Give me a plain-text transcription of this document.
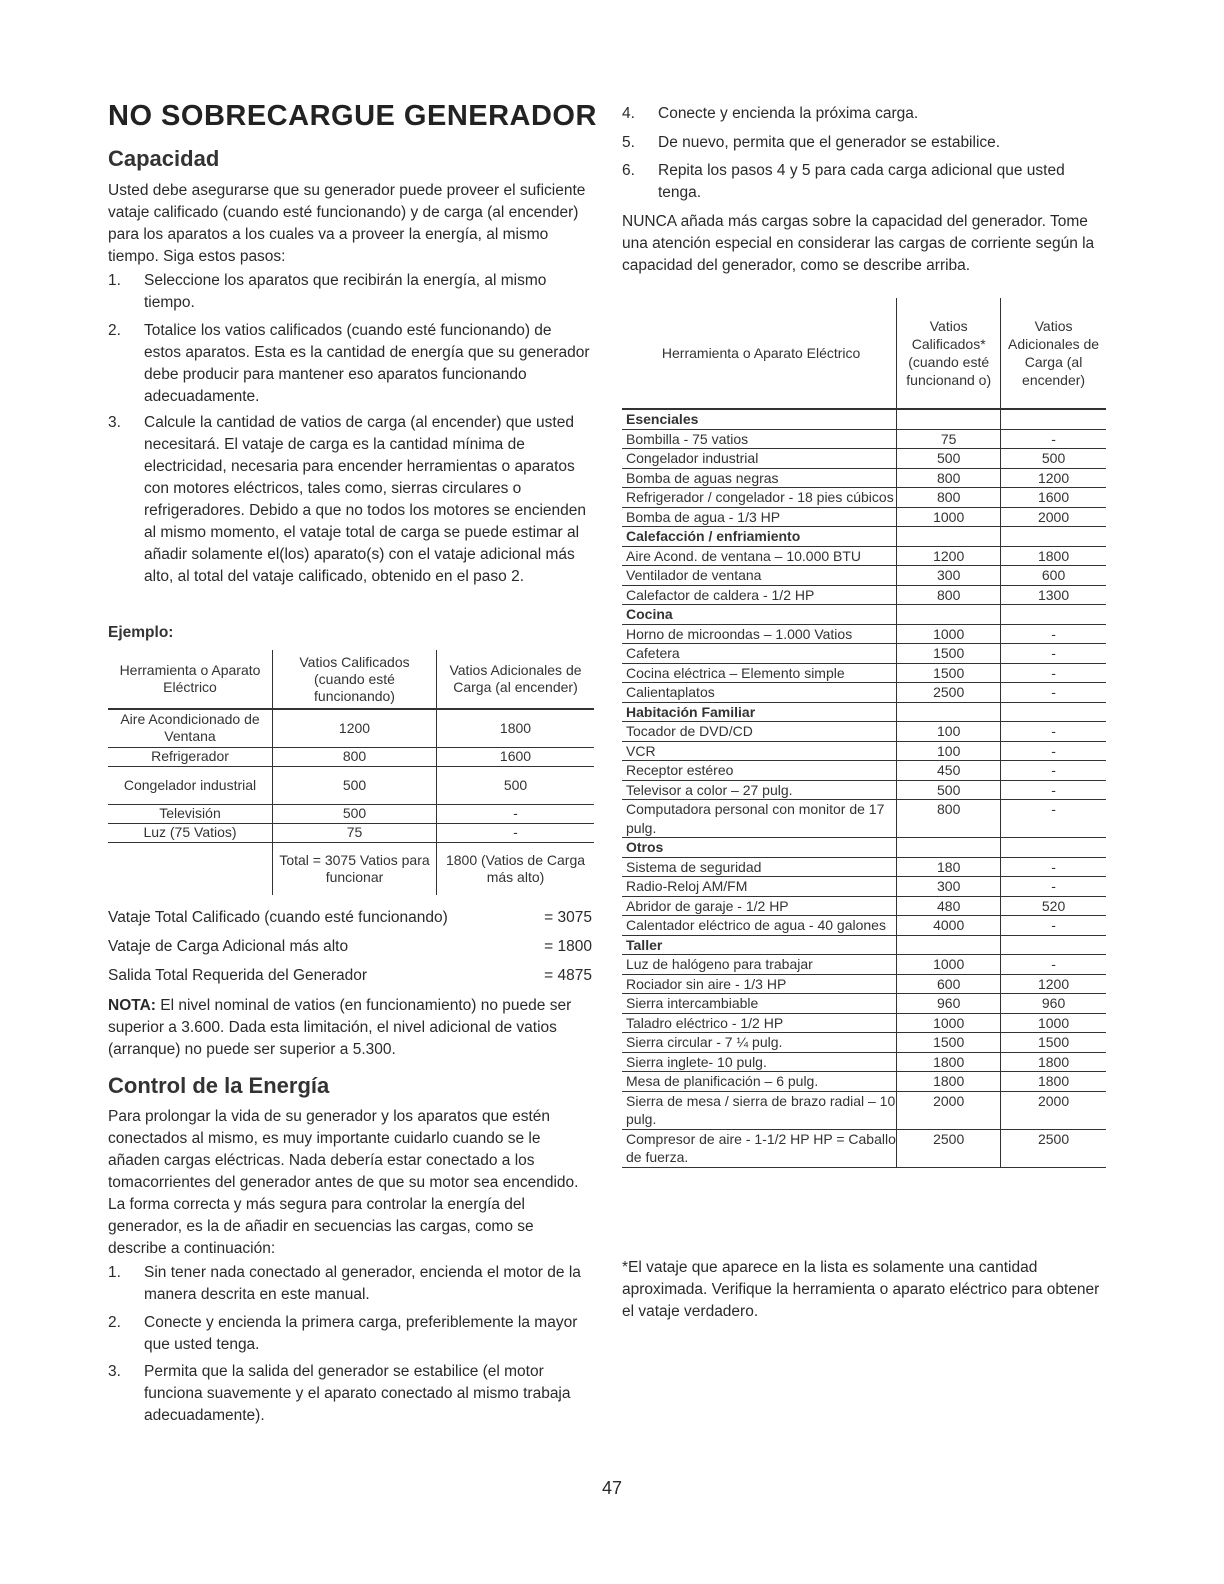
NO SOBRECARGUE GENERADOR
Capacidad

Usted debe asegurarse que su generador puede proveer el suficiente vataje calificado (cuando esté funcionando) y de carga (al encender) para los aparatos a los cuales va a proveer la energía, al mismo tiempo. Siga estos pasos:

1. Seleccione los aparatos que recibirán la energía, al mismo tiempo.
2. Totalice los vatios calificados (cuando esté funcionando) de estos aparatos. Esta es la cantidad de energía que su generador debe producir para mantener eso aparatos funcionando adecuadamente.
3. Calcule la cantidad de vatios de carga (al encender) que usted necesitará. El vataje de carga es la cantidad mínima de electricidad, necesaria para encender herramientas o aparatos con motores eléctricos, tales como, sierras circulares o refrigeradores. Debido a que no todos los motores se encienden al mismo momento, el vataje total de carga se puede estimar al añadir solamente el(los) aparato(s) con el vataje adicional más alto, al total del vataje calificado, obtenido en el paso 2.
Ejemplo:
Herramienta o Aparato Eléctrico	Vatios Calificados (cuando esté funcionando)	Vatios Adicionales de Carga (al encender)
Aire Acondicionado de Ventana	1200	1800
Refrigerador	800	1600
Congelador industrial	500	500
Televisión	500	-
Luz (75 Vatios)	75	-
	Total = 3075 Vatios para funcionar	1800 (Vatios de Carga más alto)
Vataje Total Calificado (cuando esté funcionando)	= 3075
Vataje de Carga Adicional más alto	= 1800
Salida Total Requerida del Generador	= 4875

NOTA: El nivel nominal de vatios (en funcionamiento) no puede ser superior a 3.600. Dada esta limitación, el nivel adicional de vatios (arranque) no puede ser superior a 5.300.

Control de la Energía

Para prolongar la vida de su generador y los aparatos que estén conectados al mismo, es muy importante cuidarlo cuando se le añaden cargas eléctricas. Nada debería estar conectado a los tomacorrientes del generador antes de que su motor sea encendido. La forma correcta y más segura para controlar la energía del generador, es la de añadir en secuencias las cargas, como se describe a continuación:

1. Sin tener nada conectado al generador, encienda el motor de la manera descrita en este manual.
2. Conecte y encienda la primera carga, preferiblemente la mayor que usted tenga.
3. Permita que la salida del generador se estabilice (el motor funciona suavemente y el aparato conectado al mismo trabaja adecuadamente).
4. Conecte y encienda la próxima carga.
5. De nuevo, permita que el generador se estabilice.
6. Repita los pasos 4 y 5 para cada carga adicional que usted tenga.

NUNCA añada más cargas sobre la capacidad del generador. Tome una atención especial en considerar las cargas de corriente según la capacidad del generador, como se describe arriba.

Herramienta o Aparato Eléctrico	Vatios Calificados* (cuando esté funcionand o)	Vatios Adicionales de Carga (al encender)
Esenciales		
Bombilla - 75 vatios	75	-
Congelador industrial	500	500
Bomba de aguas negras	800	1200
Refrigerador / congelador - 18 pies cúbicos	800	1600
Bomba de agua - 1/3 HP	1000	2000
Calefacción / enfriamiento		
Aire Acond. de ventana – 10.000 BTU	1200	1800
Ventilador de ventana	300	600
Calefactor de caldera - 1/2 HP	800	1300
Cocina		
Horno de microondas – 1.000 Vatios	1000	-
Cafetera	1500	-
Cocina eléctrica – Elemento simple	1500	-
Calientaplatos	2500	-
Habitación Familiar		
Tocador de DVD/CD	100	-
VCR	100	-
Receptor estéreo	450	-
Televisor a color – 27 pulg.	500	-
Computadora personal con monitor de 17 pulg.	800	-
Otros		
Sistema de seguridad	180	-
Radio-Reloj AM/FM	300	-
Abridor de garaje - 1/2 HP	480	520
Calentador eléctrico de agua - 40 galones	4000	-
Taller		
Luz de halógeno para trabajar	1000	-
Rociador sin aire - 1/3 HP	600	1200
Sierra intercambiable	960	960
Taladro eléctrico - 1/2 HP	1000	1000
Sierra circular - 7 ¼ pulg.	1500	1500
Sierra inglete- 10 pulg.	1800	1800
Mesa de planificación – 6 pulg.	1800	1800
Sierra de mesa / sierra de brazo radial – 10 pulg.	2000	2000
Compresor de aire - 1-1/2 HP HP = Caballo de fuerza.	2500	2500

*El vataje que aparece en la lista es solamente una cantidad aproximada. Verifique la herramienta o aparato eléctrico para obtener el vataje verdadero.

47
